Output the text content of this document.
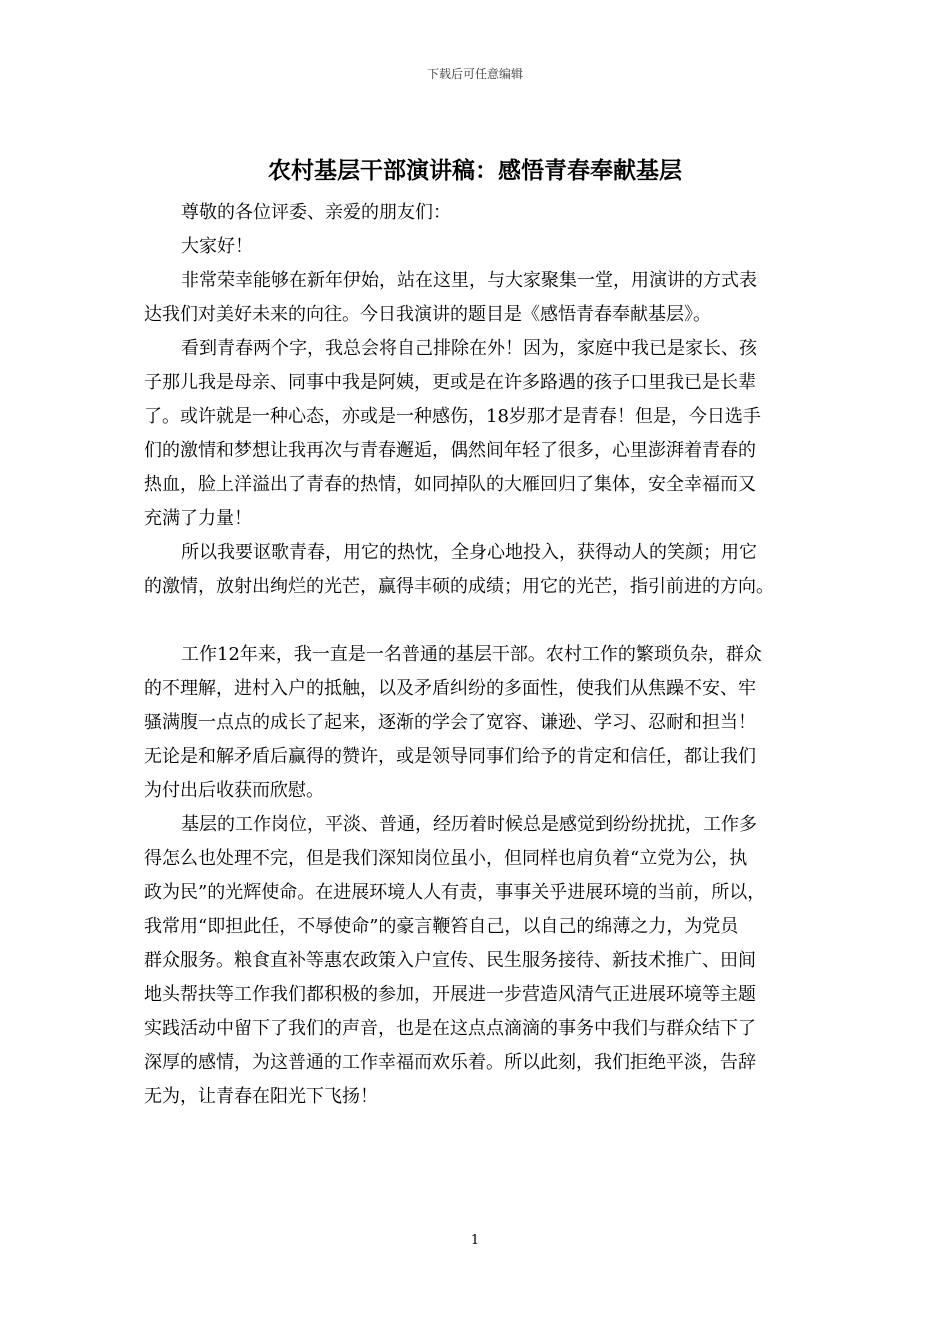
下载后可任意编辑
农村基层干部演讲稿：感悟青春奉献基层

尊敬的各位评委、亲爱的朋友们：

大家好！

非常荣幸能够在新年伊始，站在这里，与大家聚集一堂，用演讲的方式表
达我们对美好未来的向往。今日我演讲的题目是《感悟青春奉献基层》。

看到青春两个字，我总会将自己排除在外！因为，家庭中我已是家长、孩
子那儿我是母亲、同事中我是阿姨，更或是在许多路遇的孩子口里我已是长辈
了。或许就是一种心态，亦或是一种感伤，18岁那才是青春！但是，今日选手
们的激情和梦想让我再次与青春邂逅，偶然间年轻了很多，心里澎湃着青春的
热血，脸上洋溢出了青春的热情，如同掉队的大雁回归了集体，安全幸福而又
充满了力量！

所以我要讴歌青春，用它的热忱，全身心地投入，获得动人的笑颜；用它
的激情，放射出绚烂的光芒，赢得丰硕的成绩；用它的光芒，指引前进的方向。

工作12年来，我一直是一名普通的基层干部。农村工作的繁琐负杂，群众
的不理解，进村入户的抵触，以及矛盾纠纷的多面性，使我们从焦躁不安、牢
骚满腹一点点的成长了起来，逐渐的学会了宽容、谦逊、学习、忍耐和担当！
无论是和解矛盾后赢得的赞许，或是领导同事们给予的肯定和信任，都让我们
为付出后收获而欣慰。

基层的工作岗位，平淡、普通，经历着时候总是感觉到纷纷扰扰，工作多
得怎么也处理不完，但是我们深知岗位虽小，但同样也肩负着“立党为公，执
政为民”的光辉使命。在进展环境人人有责，事事关乎进展环境的当前，所以，
我常用“即担此任，不辱使命”的豪言鞭笞自己，以自己的绵薄之力，为党员
群众服务。粮食直补等惠农政策入户宣传、民生服务接待、新技术推广、田间
地头帮扶等工作我们都积极的参加，开展进一步营造风清气正进展环境等主题
实践活动中留下了我们的声音，也是在这点点滴滴的事务中我们与群众结下了
深厚的感情，为这普通的工作幸福而欢乐着。所以此刻，我们拒绝平淡，告辞
无为，让青春在阳光下飞扬！

1
